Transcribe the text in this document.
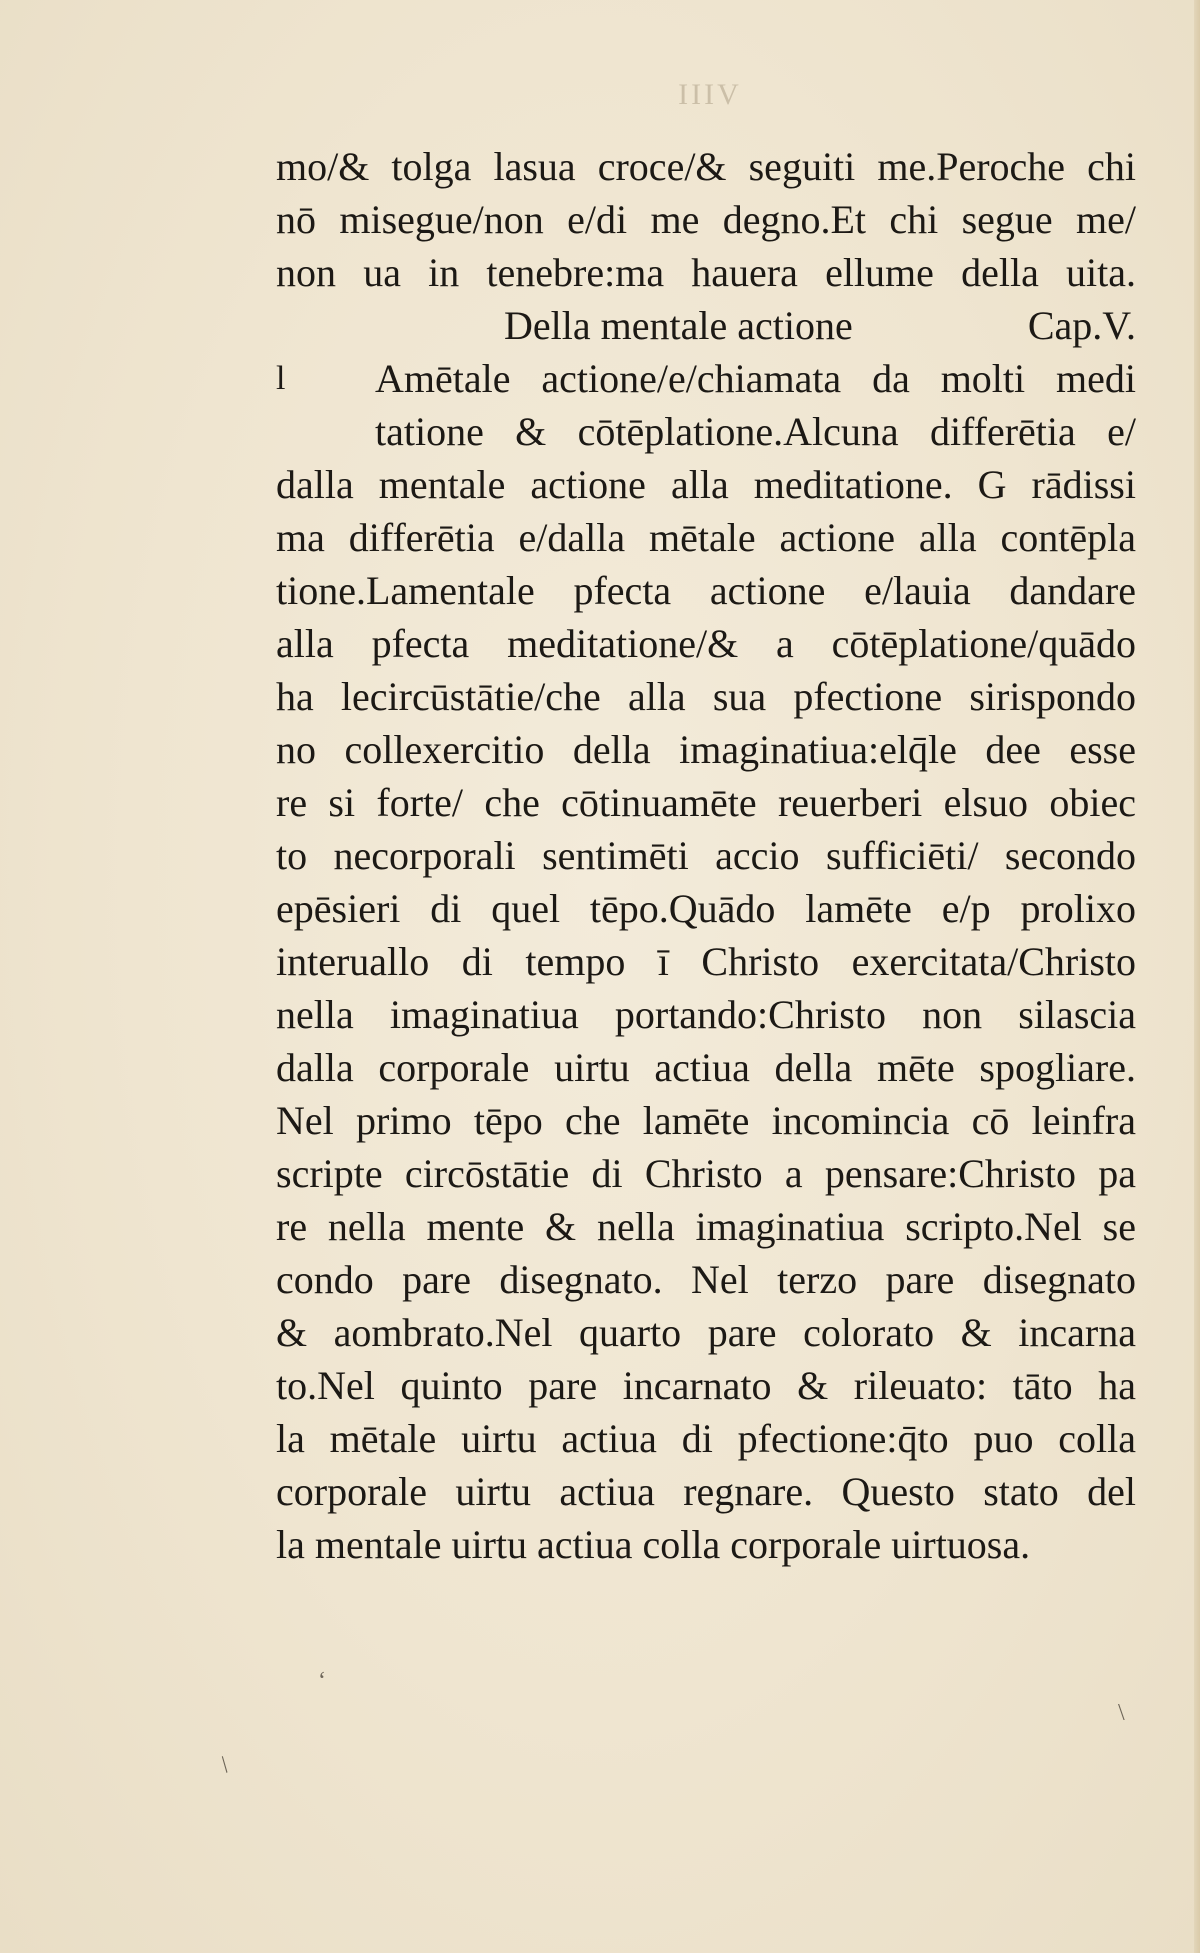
IIIV
mo/& tolga lasua croce/& seguiti me.Peroche chi
nō misegue/non e/di me degno.Et chi segue me/
non ua in tenebre:ma hauera ellume della uita.
Della mentale actione	Cap.V.
l Amētale actione/e/chiamata da molti medi
tatione & cōtēplatione.Alcuna differētia e/
dalla mentale actione alla meditatione. G rādissi
ma differētia e/dalla mētale actione alla contēpla
tione.Lamentale pfecta actione e/lauia dandare
alla pfecta meditatione/& a cōtēplatione/quādo
ha lecircūstātie/che alla sua pfectione sirispondo
no collexercitio della imaginatiua:elq̄le dee esse
re si forte/ che cōtinuamēte reuerberi elsuo obiec
to necorporali sentimēti accio sufficiēti/ secondo
epēsieri di quel tēpo.Quādo lamēte e/p prolixo
interuallo di tempo ī Christo exercitata/Christo
nella imaginatiua portando:Christo non silascia
dalla corporale uirtu actiua della mēte spogliare.
Nel primo tēpo che lamēte incomincia cō leinfra
scripte circōstātie di Christo a pensare:Christo pa
re nella mente & nella imaginatiua scripto.Nel se
condo pare disegnato. Nel terzo pare disegnato
& aombrato.Nel quarto pare colorato & incarna
to.Nel quinto pare incarnato & rileuato: tāto ha
la mētale uirtu actiua di pfectione:q̄to puo colla
corporale uirtu actiua regnare. Questo stato del
la mentale uirtu actiua colla corporale uirtuosa.
ʻ
/
\
